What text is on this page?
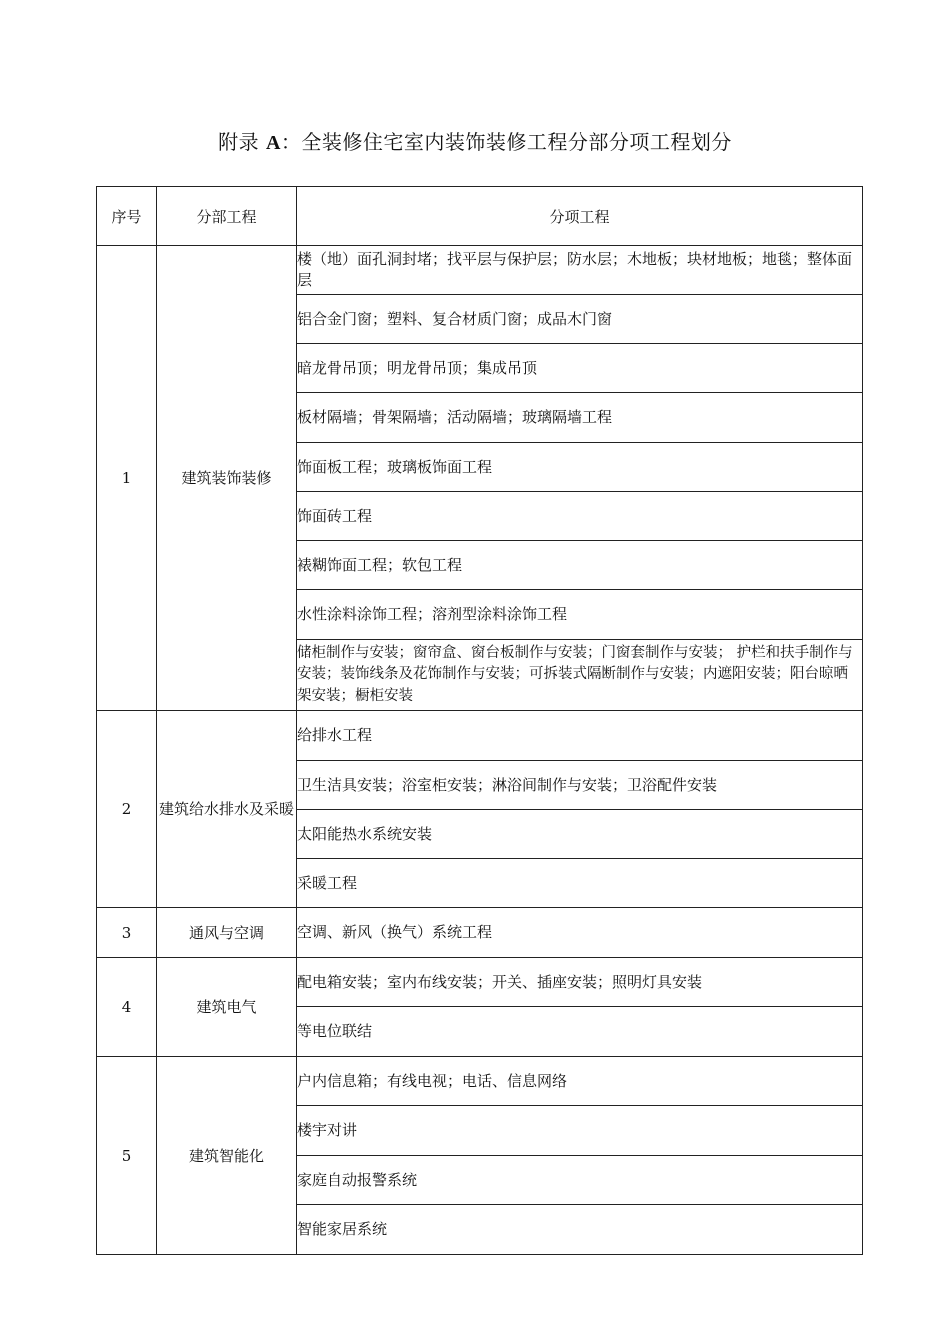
附录 A：全装修住宅室内装饰装修工程分部分项工程划分
序号	分部工程	分项工程
1	建筑装饰装修	楼（地）面孔洞封堵；找平层与保护层；防水层；木地板；块材地板；地毯；整体面层
		铝合金门窗；塑料、复合材质门窗；成品木门窗
		暗龙骨吊顶；明龙骨吊顶；集成吊顶
		板材隔墙；骨架隔墙；活动隔墙；玻璃隔墙工程
		饰面板工程；玻璃板饰面工程
		饰面砖工程
		裱糊饰面工程；软包工程
		水性涂料涂饰工程；溶剂型涂料涂饰工程
		储柜制作与安装；窗帘盒、窗台板制作与安装；门窗套制作与安装； 护栏和扶手制作与安装；装饰线条及花饰制作与安装；可拆装式隔断制作与安装；内遮阳安装；阳台晾晒架安装；橱柜安装
2	建筑给水排水及采暖	给排水工程
		卫生洁具安装；浴室柜安装；淋浴间制作与安装；卫浴配件安装
		太阳能热水系统安装
		采暖工程
3	通风与空调	空调、新风（换气）系统工程
4	建筑电气	配电箱安装；室内布线安装；开关、插座安装；照明灯具安装
		等电位联结
5	建筑智能化	户内信息箱；有线电视；电话、信息网络
		楼宇对讲
		家庭自动报警系统
		智能家居系统
